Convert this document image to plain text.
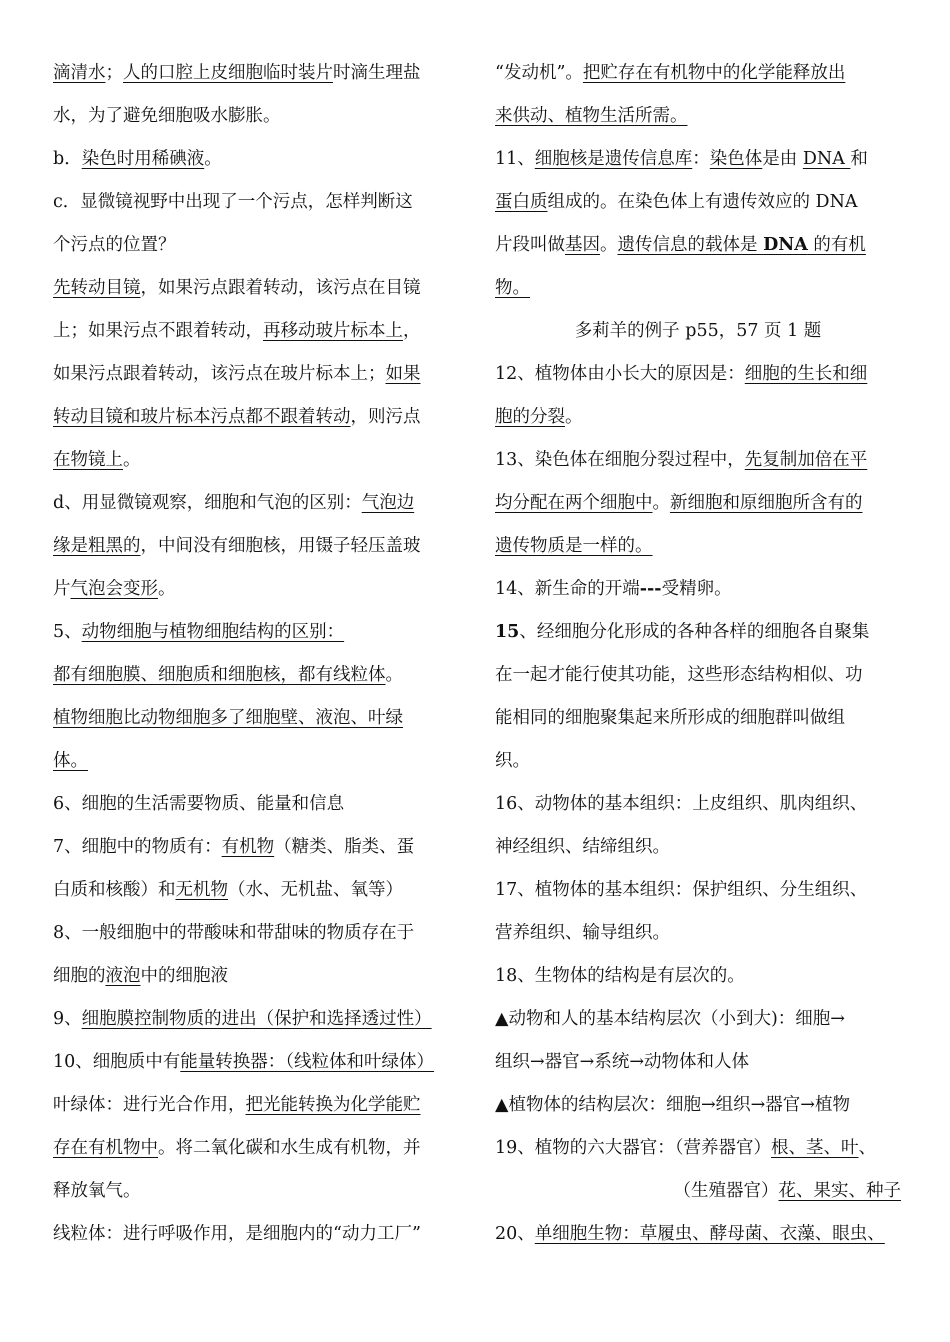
滴清水；人的口腔上皮细胞临时装片时滴生理盐
水，为了避免细胞吸水膨胀。
b．染色时用稀碘液。
c．显微镜视野中出现了一个污点，怎样判断这
个污点的位置？
先转动目镜，如果污点跟着转动，该污点在目镜
上；如果污点不跟着转动，再移动玻片标本上，
如果污点跟着转动，该污点在玻片标本上；如果
转动目镜和玻片标本污点都不跟着转动，则污点
在物镜上。
d、用显微镜观察，细胞和气泡的区别：气泡边
缘是粗黑的，中间没有细胞核，用镊子轻压盖玻
片气泡会变形。
5、动物细胞与植物细胞结构的区别：
都有细胞膜、细胞质和细胞核，都有线粒体。
植物细胞比动物细胞多了细胞壁、液泡、叶绿
体。
6、细胞的生活需要物质、能量和信息
7、细胞中的物质有：有机物（糖类、脂类、蛋
白质和核酸）和无机物（水、无机盐、氧等）
8、一般细胞中的带酸味和带甜味的物质存在于
细胞的液泡中的细胞液
9、细胞膜控制物质的进出（保护和选择透过性）
10、细胞质中有能量转换器：（线粒体和叶绿体）
叶绿体：进行光合作用，把光能转换为化学能贮
存在有机物中。将二氧化碳和水生成有机物，并
释放氧气。
线粒体：进行呼吸作用，是细胞内的“动力工厂”
“发动机”。把贮存在有机物中的化学能释放出
来供动、植物生活所需。
11、细胞核是遗传信息库：染色体是由 DNA 和
蛋白质组成的。在染色体上有遗传效应的 DNA
片段叫做基因。遗传信息的载体是 DNA 的有机
物。
多莉羊的例子 p55，57 页 1 题
12、植物体由小长大的原因是：细胞的生长和细
胞的分裂。
13、染色体在细胞分裂过程中，先复制加倍在平
均分配在两个细胞中。新细胞和原细胞所含有的
遗传物质是一样的。
14、新生命的开端---受精卵。
15、经细胞分化形成的各种各样的细胞各自聚集
在一起才能行使其功能，这些形态结构相似、功
能相同的细胞聚集起来所形成的细胞群叫做组
织。
16、动物体的基本组织：上皮组织、肌肉组织、
神经组织、结缔组织。
17、植物体的基本组织：保护组织、分生组织、
营养组织、输导组织。
18、生物体的结构是有层次的。
▲动物和人的基本结构层次（小到大)：细胞→
组织→器官→系统→动物体和人体
▲植物体的结构层次：细胞→组织→器官→植物
19、植物的六大器官：（营养器官）根、茎、叶、
（生殖器官）花、果实、种子
20、单细胞生物：草履虫、酵母菌、衣藻、眼虫、
